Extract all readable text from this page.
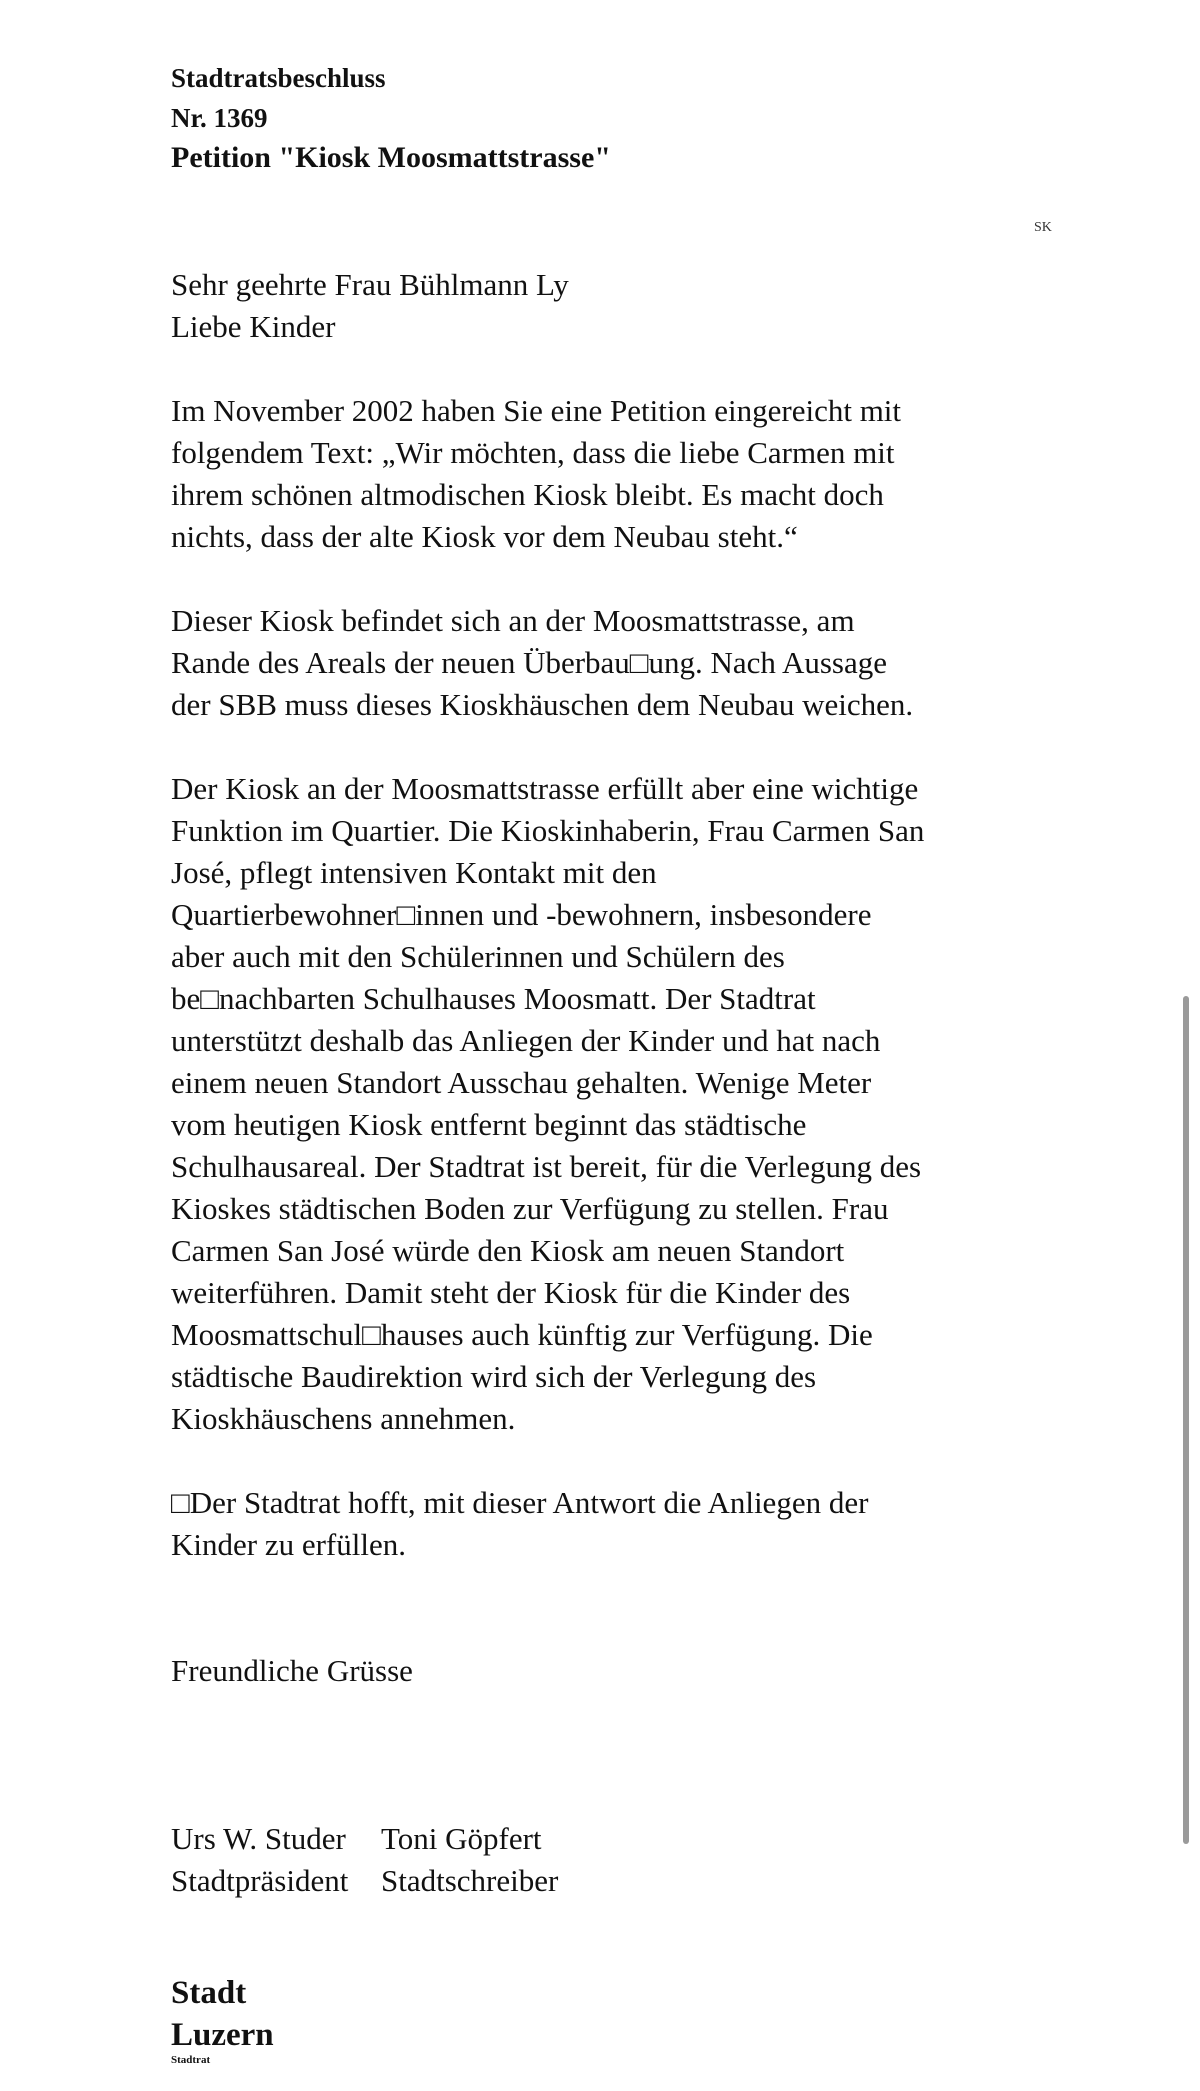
Stadtratsbeschluss

Nr. 1369

Petition "Kiosk Moosmattstrasse"

Sehr geehrte Frau Bühlmann Ly
Liebe Kinder

Im November 2002 haben Sie eine Petition eingereicht mit
folgendem Text: „Wir möchten, dass die liebe Carmen mit
ihrem schönen altmodischen Kiosk bleibt. Es macht doch
nichts, dass der alte Kiosk vor dem Neubau steht.“

Dieser Kiosk befindet sich an der Moosmattstrasse, am
Rande des Areals der neuen Überbau□ung. Nach Aussage
der SBB muss dieses Kioskhäuschen dem Neubau weichen.

Der Kiosk an der Moosmattstrasse erfüllt aber eine wichtige
Funktion im Quartier. Die Kioskinhaberin, Frau Carmen San
José, pflegt intensiven Kontakt mit den
Quartierbewohner□innen und -bewohnern, insbesondere
aber auch mit den Schülerinnen und Schülern des
be□nachbarten Schulhauses Moosmatt. Der Stadtrat
unterstützt deshalb das Anliegen der Kinder und hat nach
einem neuen Standort Ausschau gehalten. Wenige Meter
vom heutigen Kiosk entfernt beginnt das städtische
Schulhausareal. Der Stadtrat ist bereit, für die Verlegung des
Kioskes städtischen Boden zur Verfügung zu stellen. Frau
Carmen San José würde den Kiosk am neuen Standort
weiterführen. Damit steht der Kiosk für die Kinder des
Moosmattschul□hauses auch künftig zur Verfügung. Die
städtische Baudirektion wird sich der Verlegung des
Kioskhäuschens annehmen.

□Der Stadtrat hofft, mit dieser Antwort die Anliegen der
Kinder zu erfüllen.

Freundliche Grüsse
Urs W. Studer	Toni Göpfert
Stadtpräsident	Stadtschreiber
SK
Stadt
Luzern
Stadtrat
